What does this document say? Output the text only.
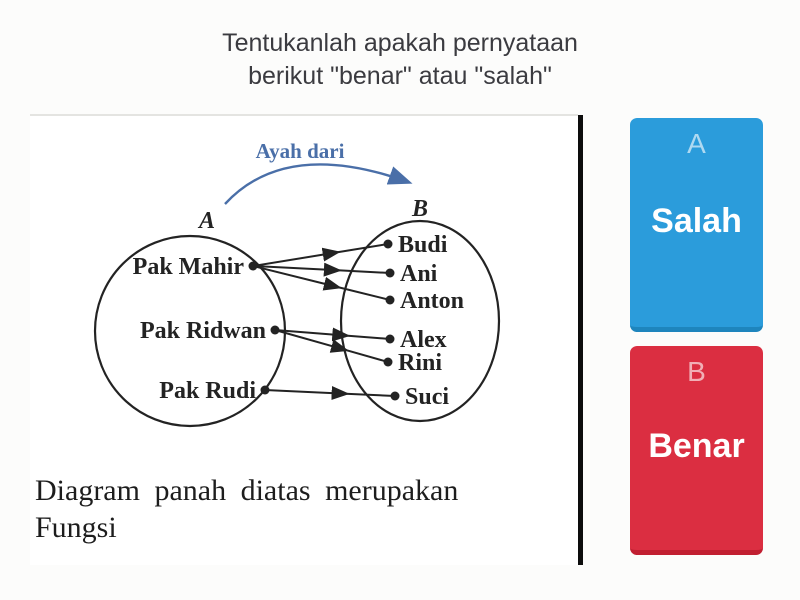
Tentukanlah apakah pernyataan
berikut "benar" atau "salah"
Ayah dari
A	B
Pak Mahir
Pak Ridwan
Pak Rudi
Budi
Ani
Anton
Alex
Rini
Suci
Diagram panah diatas merupakan
Fungsi
A
Salah
B
Benar
